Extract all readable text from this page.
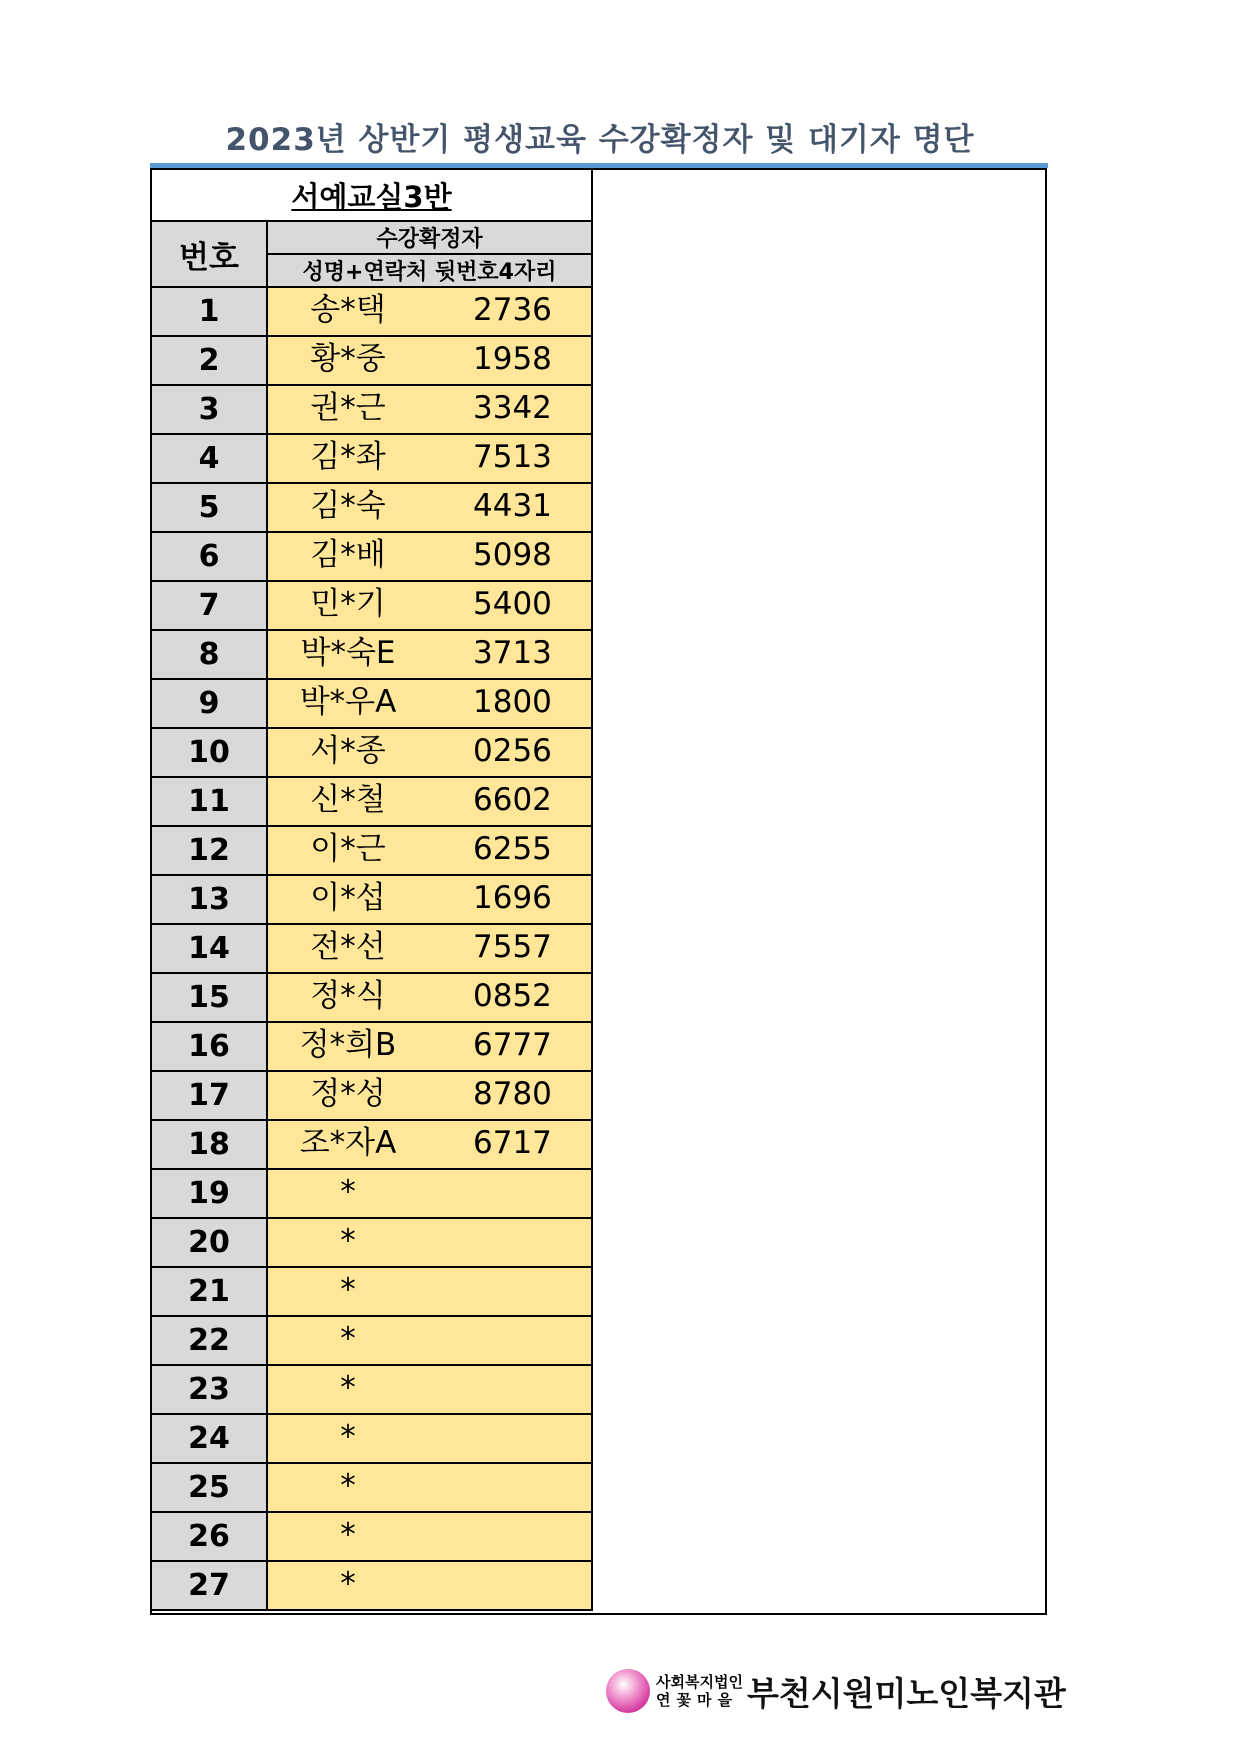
2023년 상반기 평생교육 수강확정자 및 대기자 명단
서예교실3반	
번호	수강확정자
	성명+연락처 뒷번호4자리
1	송*택 2736

2	황*중 1958

3	권*근 3342

4	김*좌 7513

5	김*숙 4431

6	김*배 5098

7	민*기 5400

8	박*숙E 3713

9	박*우A 1800

10	서*종 0256

11	신*철 6602

12	이*근 6255

13	이*섭 1696

14	전*선 7557

15	정*식 0852

16	정*희B 6777

17	정*성 8780

18	조*자A 6717

19	*

20	*

21	*

22	*

23	*

24	*

25	*

26	*

27	*
사회복지법인
연꽃마을 부천시원미노인복지관
